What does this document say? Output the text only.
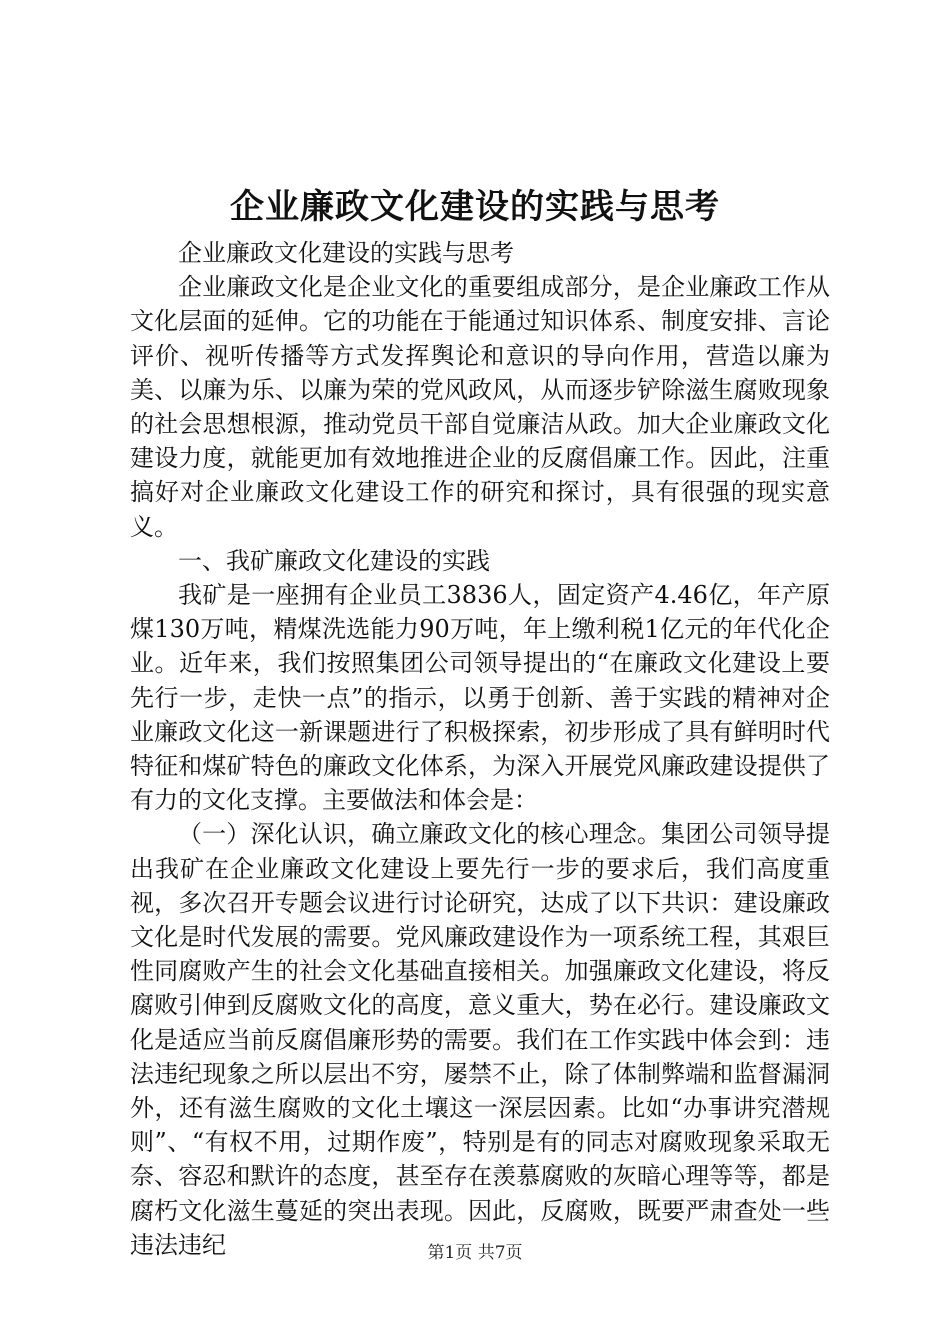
企业廉政文化建设的实践与思考

企业廉政文化建设的实践与思考

企业廉政文化是企业文化的重要组成部分，是企业廉政工作从文化层面的延伸。它的功能在于能通过知识体系、制度安排、言论评价、视听传播等方式发挥舆论和意识的导向作用，营造以廉为美、以廉为乐、以廉为荣的党风政风，从而逐步铲除滋生腐败现象的社会思想根源，推动党员干部自觉廉洁从政。加大企业廉政文化建设力度，就能更加有效地推进企业的反腐倡廉工作。因此，注重搞好对企业廉政文化建设工作的研究和探讨，具有很强的现实意义。

一、我矿廉政文化建设的实践

我矿是一座拥有企业员工3836人，固定资产4.46亿，年产原煤130万吨，精煤洗选能力90万吨，年上缴利税1亿元的年代化企业。近年来，我们按照集团公司领导提出的“在廉政文化建设上要先行一步，走快一点”的指示，以勇于创新、善于实践的精神对企业廉政文化这一新课题进行了积极探索，初步形成了具有鲜明时代特征和煤矿特色的廉政文化体系，为深入开展党风廉政建设提供了有力的文化支撑。主要做法和体会是：

（一）深化认识，确立廉政文化的核心理念。集团公司领导提出我矿在企业廉政文化建设上要先行一步的要求后，我们高度重视，多次召开专题会议进行讨论研究，达成了以下共识：建设廉政文化是时代发展的需要。党风廉政建设作为一项系统工程，其艰巨性同腐败产生的社会文化基础直接相关。加强廉政文化建设，将反腐败引伸到反腐败文化的高度，意义重大，势在必行。建设廉政文化是适应当前反腐倡廉形势的需要。我们在工作实践中体会到：违法违纪现象之所以层出不穷，屡禁不止，除了体制弊端和监督漏洞外，还有滋生腐败的文化土壤这一深层因素。比如“办事讲究潜规则”、“有权不用，过期作废”，特别是有的同志对腐败现象采取无奈、容忍和默许的态度，甚至存在羡慕腐败的灰暗心理等等，都是腐朽文化滋生蔓延的突出表现。因此，反腐败，既要严肃查处一些违法违纪	第1页 共7页
